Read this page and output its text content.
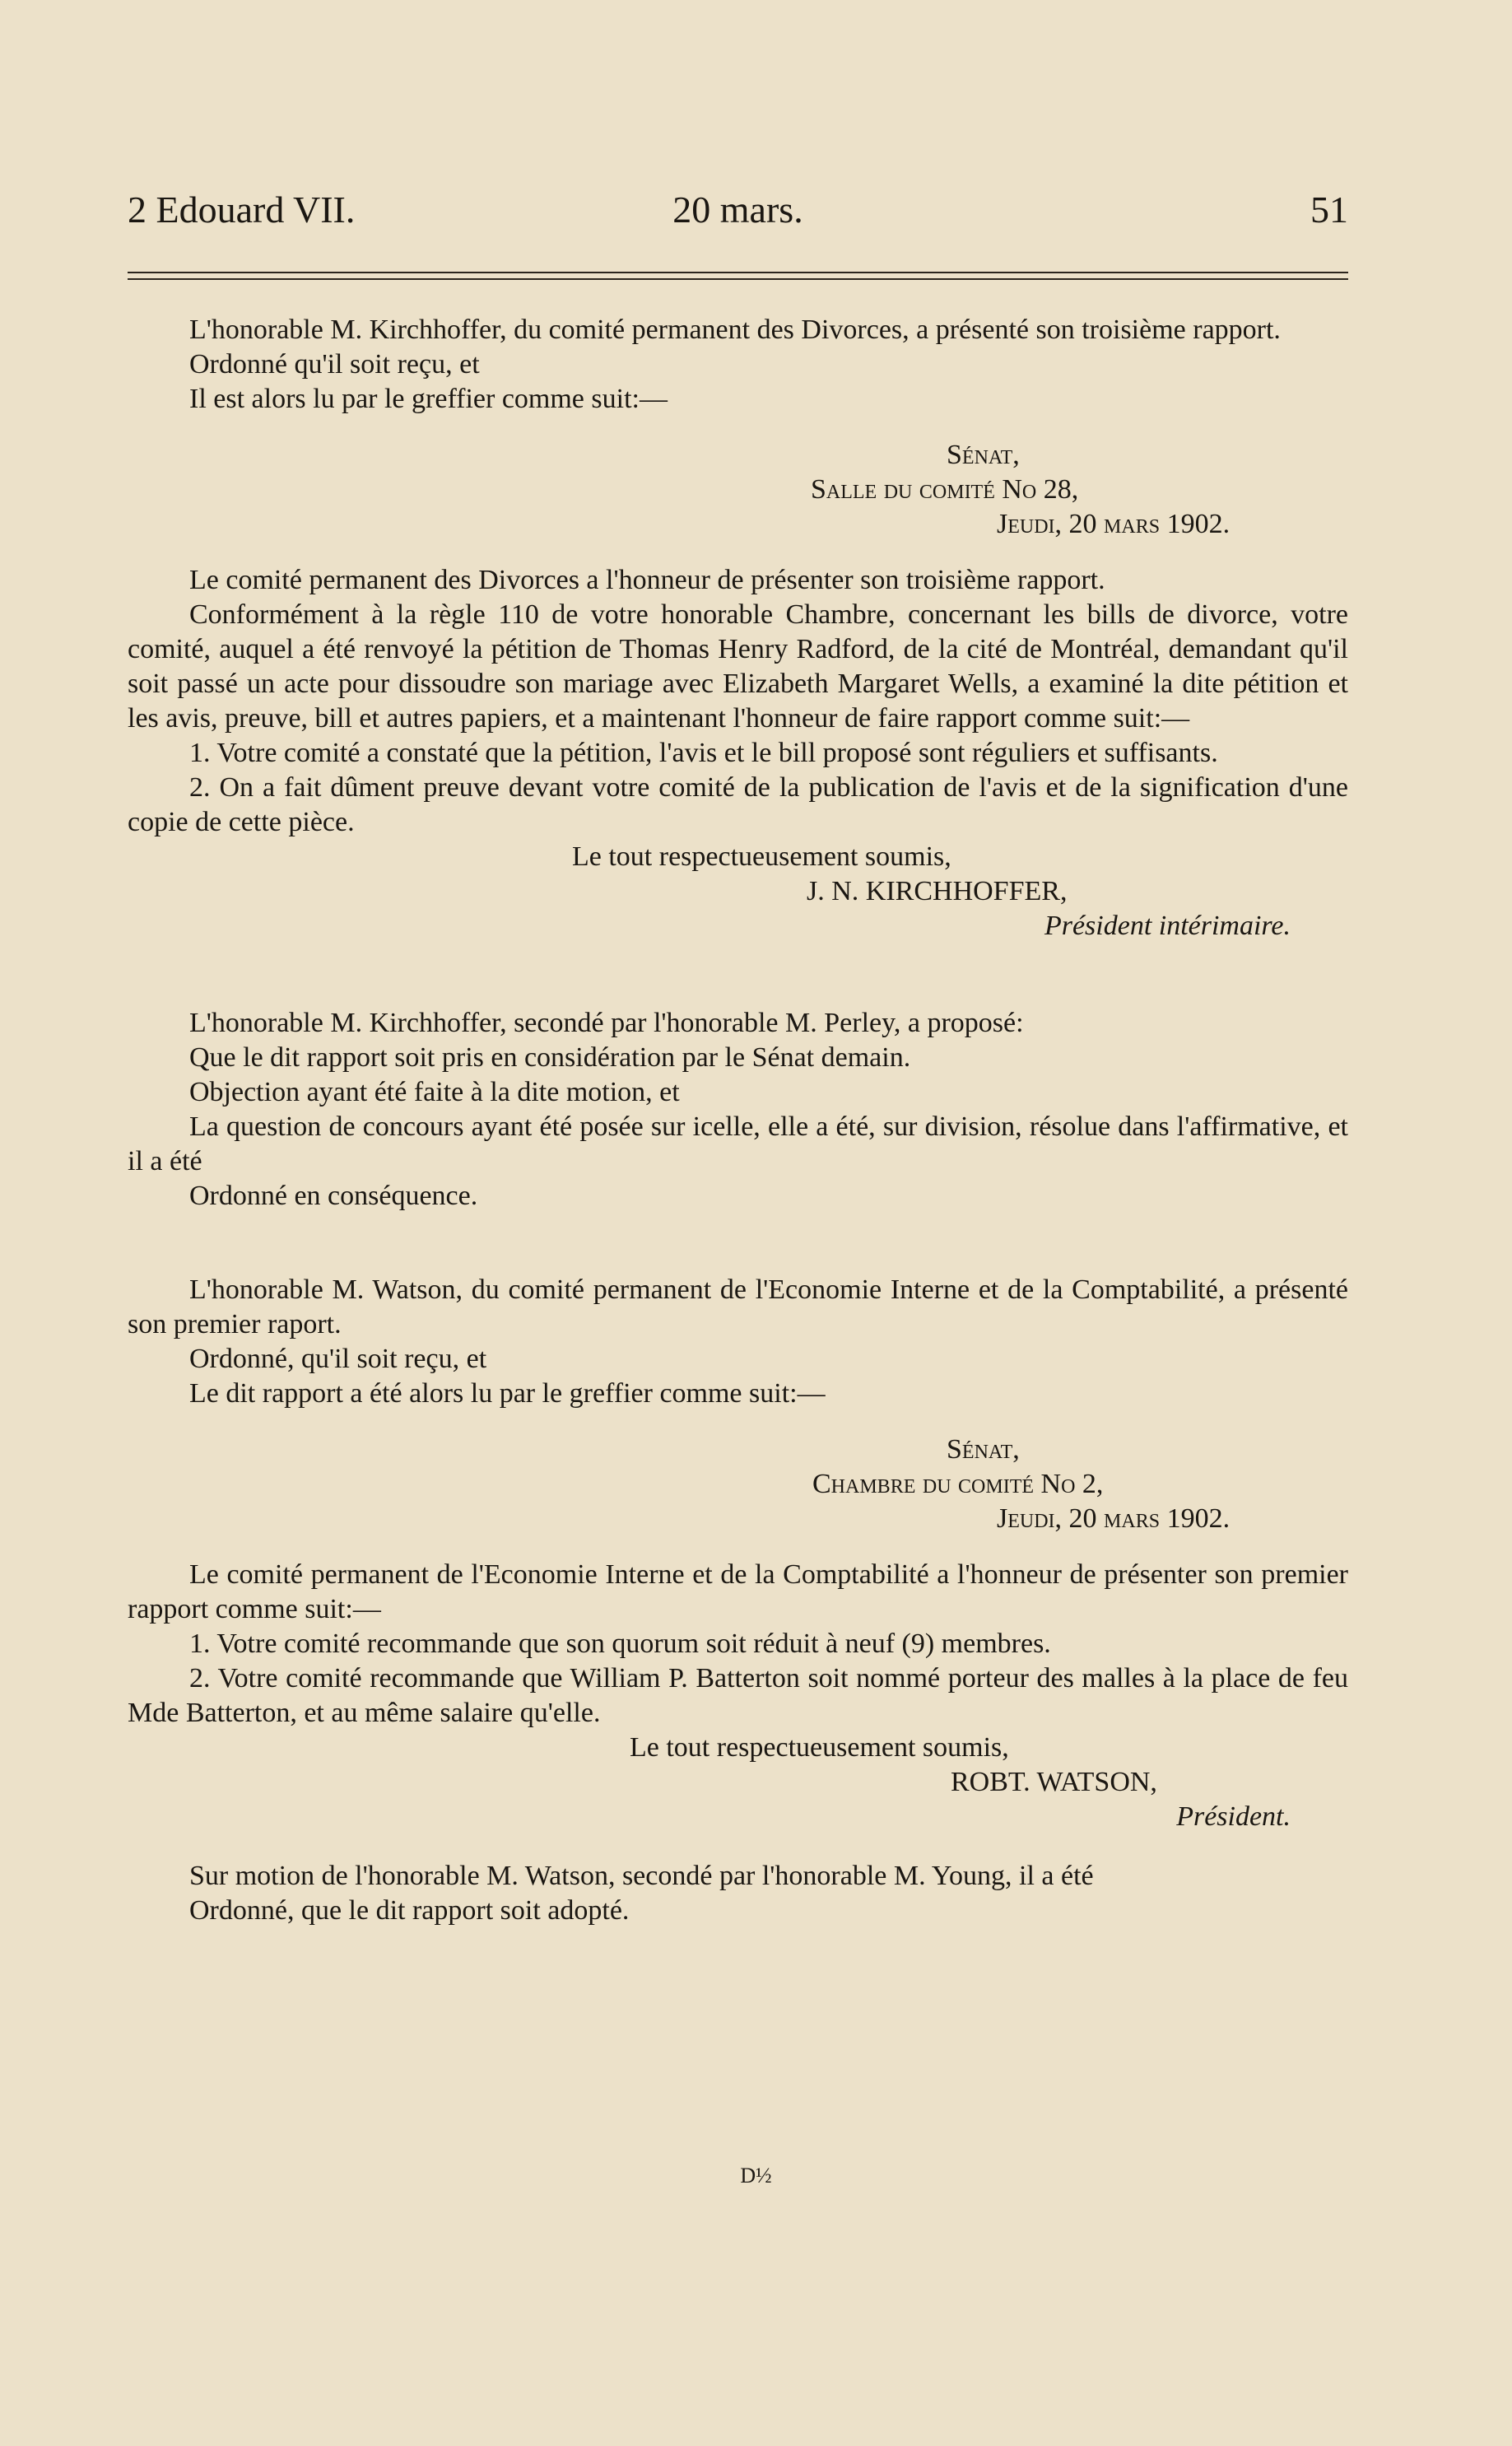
2 Edouard VII.	20 mars.	51

L'honorable M. Kirchhoffer, du comité permanent des Divorces, a présenté son troisième rapport.

Ordonné qu'il soit reçu, et

Il est alors lu par le greffier comme suit:—

Sénat,
Salle du comité No 28,
Jeudi, 20 mars 1902.

Le comité permanent des Divorces a l'honneur de présenter son troisième rapport.

Conformément à la règle 110 de votre honorable Chambre, concernant les bills de divorce, votre comité, auquel a été renvoyé la pétition de Thomas Henry Radford, de la cité de Montréal, demandant qu'il soit passé un acte pour dissoudre son mariage avec Elizabeth Margaret Wells, a examiné la dite pétition et les avis, preuve, bill et autres papiers, et a maintenant l'honneur de faire rapport comme suit:—

1. Votre comité a constaté que la pétition, l'avis et le bill proposé sont réguliers et suffisants.

2. On a fait dûment preuve devant votre comité de la publication de l'avis et de la signification d'une copie de cette pièce.

Le tout respectueusement soumis,
J. N. KIRCHHOFFER,
Président intérimaire.

L'honorable M. Kirchhoffer, secondé par l'honorable M. Perley, a proposé:

Que le dit rapport soit pris en considération par le Sénat demain.

Objection ayant été faite à la dite motion, et

La question de concours ayant été posée sur icelle, elle a été, sur division, résolue dans l'affirmative, et il a été

Ordonné en conséquence.

L'honorable M. Watson, du comité permanent de l'Economie Interne et de la Comptabilité, a présenté son premier raport.

Ordonné, qu'il soit reçu, et

Le dit rapport a été alors lu par le greffier comme suit:—

Sénat,
Chambre du comité No 2,
Jeudi, 20 mars 1902.

Le comité permanent de l'Economie Interne et de la Comptabilité a l'honneur de présenter son premier rapport comme suit:—

1. Votre comité recommande que son quorum soit réduit à neuf (9) membres.

2. Votre comité recommande que William P. Batterton soit nommé porteur des malles à la place de feu Mde Batterton, et au même salaire qu'elle.

Le tout respectueusement soumis,
ROBT. WATSON,
Président.

Sur motion de l'honorable M. Watson, secondé par l'honorable M. Young, il a été

Ordonné, que le dit rapport soit adopté.

D½
